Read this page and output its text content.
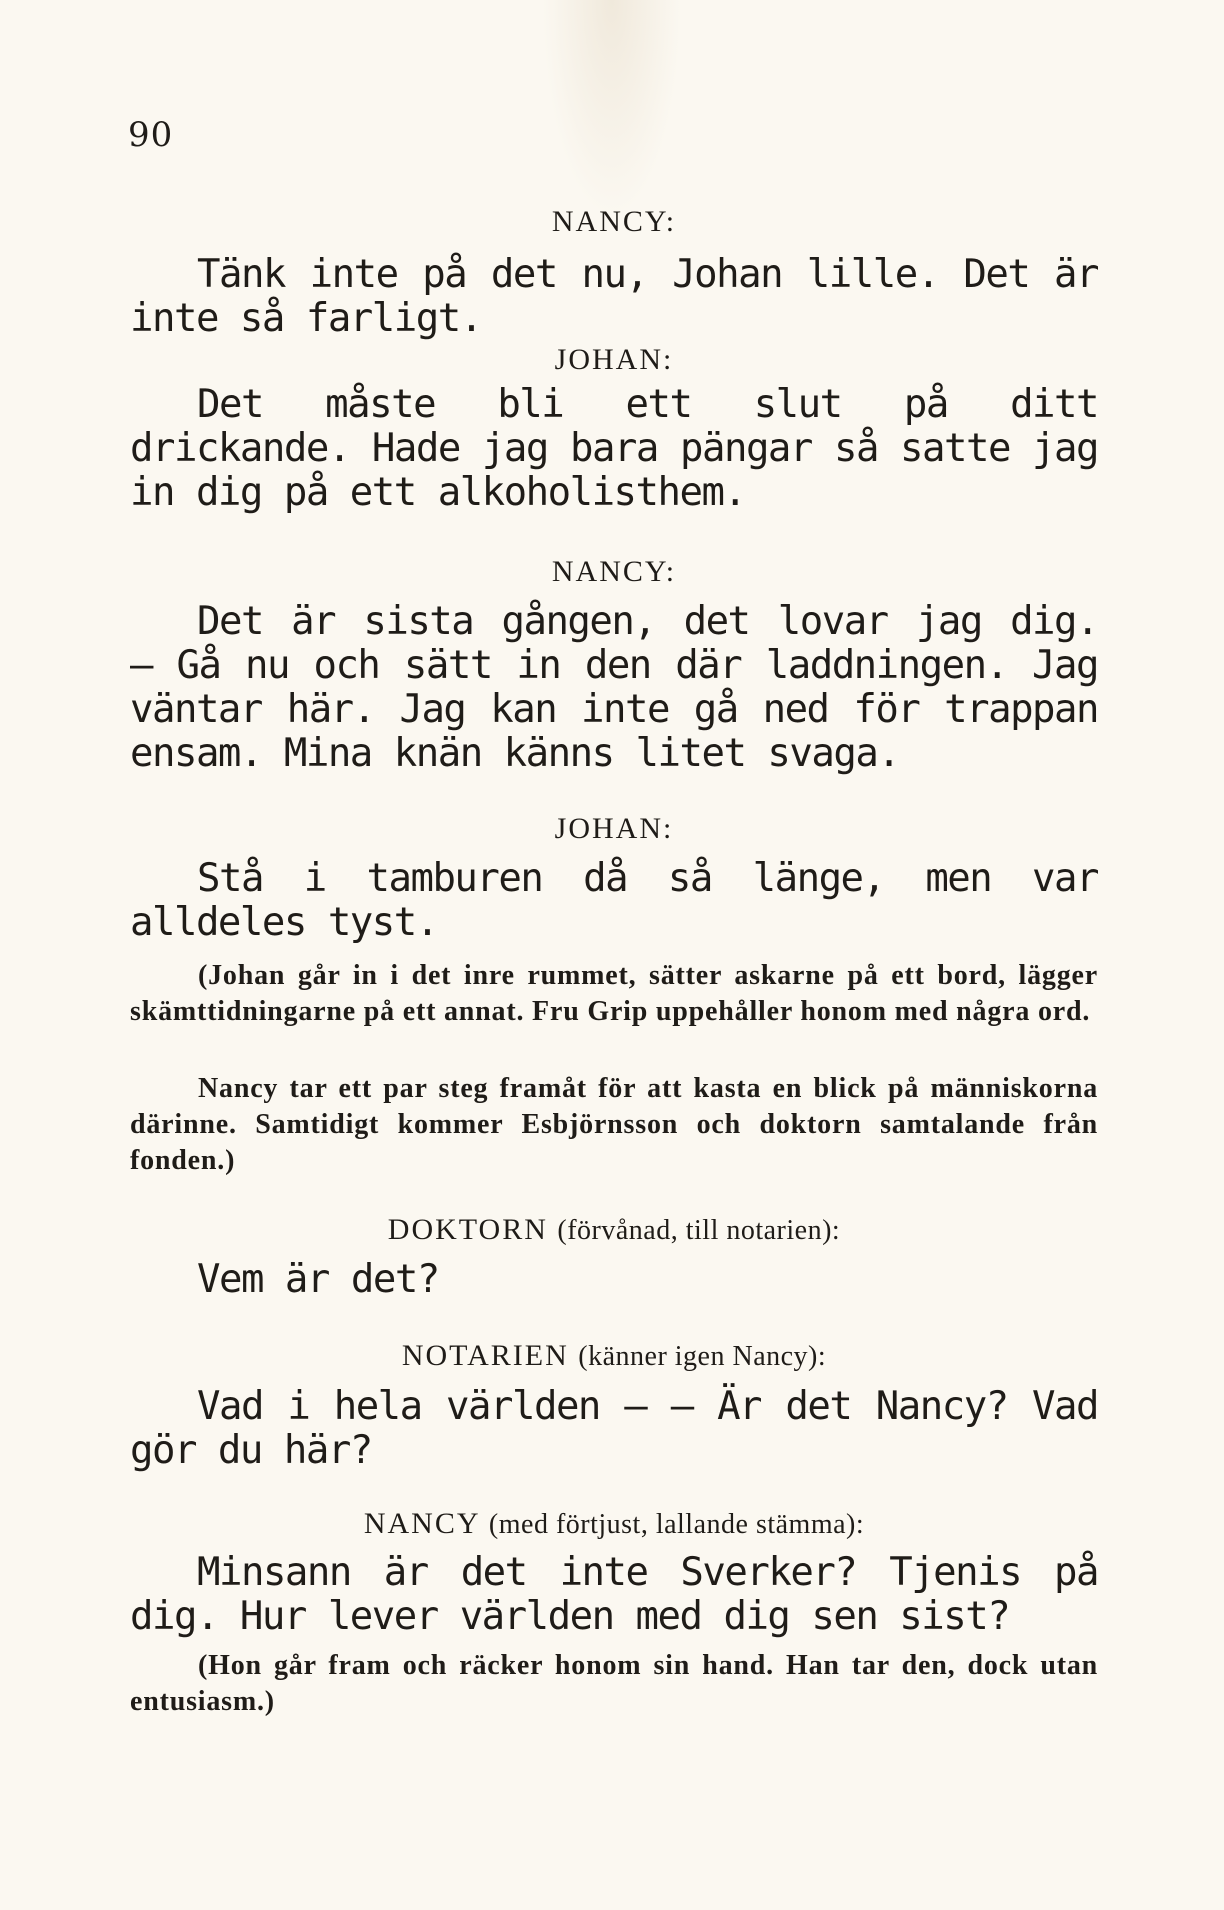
90
NANCY:
Tänk inte på det nu, Johan lille. Det är inte så farligt.
JOHAN:
Det måste bli ett slut på ditt drickande. Hade jag bara pängar så satte jag in dig på ett alkoholisthem.
NANCY:
Det är sista gången, det lovar jag dig. — Gå nu och sätt in den där laddningen. Jag väntar här. Jag kan inte gå ned för trappan ensam. Mina knän känns litet svaga.
JOHAN:
Stå i tamburen då så länge, men var alldeles tyst.
(Johan går in i det inre rummet, sätter askarne på ett bord, lägger skämttidningarne på ett annat. Fru Grip uppehåller honom med några ord.
Nancy tar ett par steg framåt för att kasta en blick på människorna därinne. Samtidigt kommer Esbjörnsson och doktorn samtalande från fonden.)
DOKTORN (förvånad, till notarien):
Vem är det?
NOTARIEN (känner igen Nancy):
Vad i hela världen — — Är det Nancy? Vad gör du här?
NANCY (med förtjust, lallande stämma):
Minsann är det inte Sverker? Tjenis på dig. Hur lever världen med dig sen sist?
(Hon går fram och räcker honom sin hand. Han tar den, dock utan entusiasm.)
